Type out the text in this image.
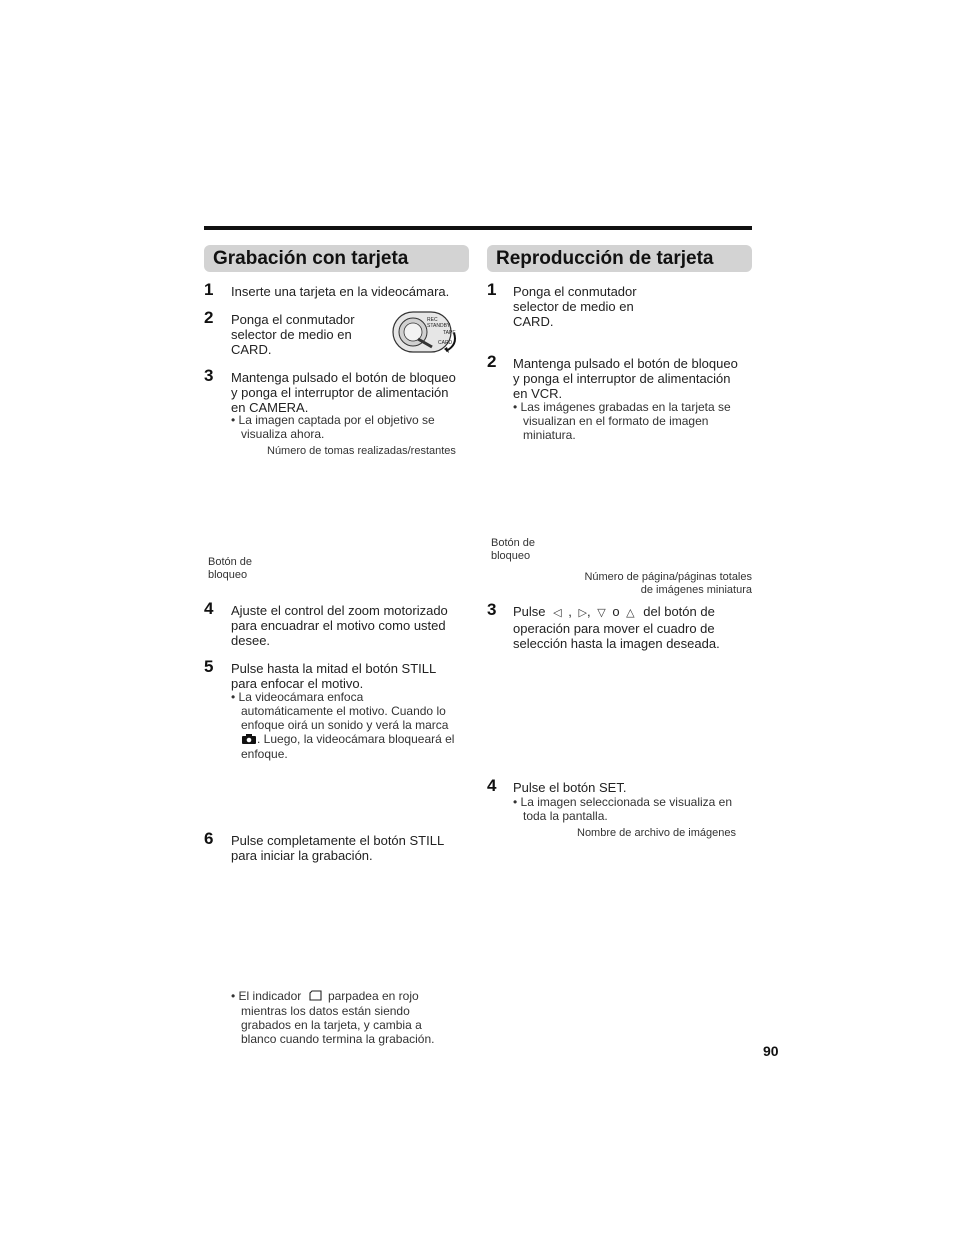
Grabación con tarjeta
1 Inserte una tarjeta en la videocámara.
2 Ponga el conmutador
selector de medio en
CARD.
REC
STANDBY
TAPE
CARD
3 Mantenga pulsado el botón de bloqueo
y ponga el interruptor de alimentación
en CAMERA.
• La imagen captada por el objetivo se
visualiza ahora.
Número de tomas realizadas/restantes
Botón de
bloqueo
4 Ajuste el control del zoom motorizado
para encuadrar el motivo como usted
desee.
5 Pulse hasta la mitad el botón STILL
para enfocar el motivo.
• La videocámara enfoca
automáticamente el motivo. Cuando lo
enfoque oirá un sonido y verá la marca
. Luego, la videocámara bloqueará el
enfoque.
6 Pulse completamente el botón STILL
para iniciar la grabación.
• El indicador parpadea en rojo
mientras los datos están siendo
grabados en la tarjeta, y cambia a
blanco cuando termina la grabación.
Reproducción de tarjeta
1 Ponga el conmutador
selector de medio en
CARD.
2 Mantenga pulsado el botón de bloqueo
y ponga el interruptor de alimentación
en VCR.
• Las imágenes grabadas en la tarjeta se
visualizan en el formato de imagen
miniatura.
Botón de
bloqueo
Número de página/páginas totales
de imágenes miniatura
3 Pulse ◁ , ▷, ▽ o △ del botón de
operación para mover el cuadro de
selección hasta la imagen deseada.
4 Pulse el botón SET.
• La imagen seleccionada se visualiza en
toda la pantalla.
Nombre de archivo de imágenes
90
